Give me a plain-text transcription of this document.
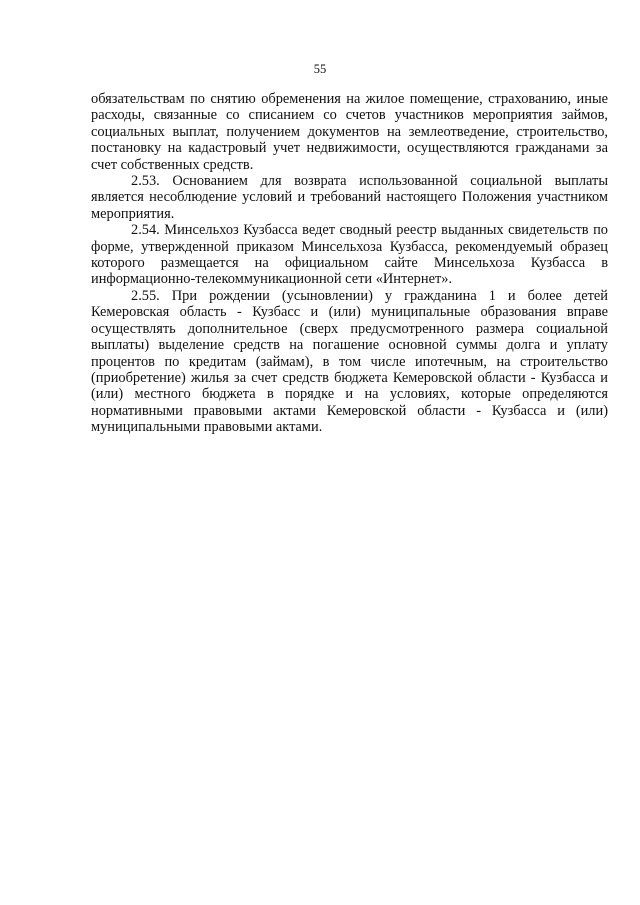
55

обязательствам по снятию обременения на жилое помещение, страхованию, иные расходы, связанные со списанием со счетов участников мероприятия займов, социальных выплат, получением документов на землеотведение, строительство, постановку на кадастровый учет недвижимости, осуществляются гражданами за счет собственных средств.

2.53. Основанием для возврата использованной социальной выплаты является несоблюдение условий и требований настоящего Положения участником мероприятия.

2.54. Минсельхоз Кузбасса ведет сводный реестр выданных свидетельств по форме, утвержденной приказом Минсельхоза Кузбасса, рекомендуемый образец которого размещается на официальном сайте Минсельхоза Кузбасса в информационно-телекоммуникационной сети «Интернет».

2.55. При рождении (усыновлении) у гражданина 1 и более детей Кемеровская область - Кузбасс и (или) муниципальные образования вправе осуществлять дополнительное (сверх предусмотренного размера социальной выплаты) выделение средств на погашение основной суммы долга и уплату процентов по кредитам (займам), в том числе ипотечным, на строительство (приобретение) жилья за счет средств бюджета Кемеровской области - Кузбасса и (или) местного бюджета в порядке и на условиях, которые определяются нормативными правовыми актами Кемеровской области - Кузбасса и (или) муниципальными правовыми актами.
